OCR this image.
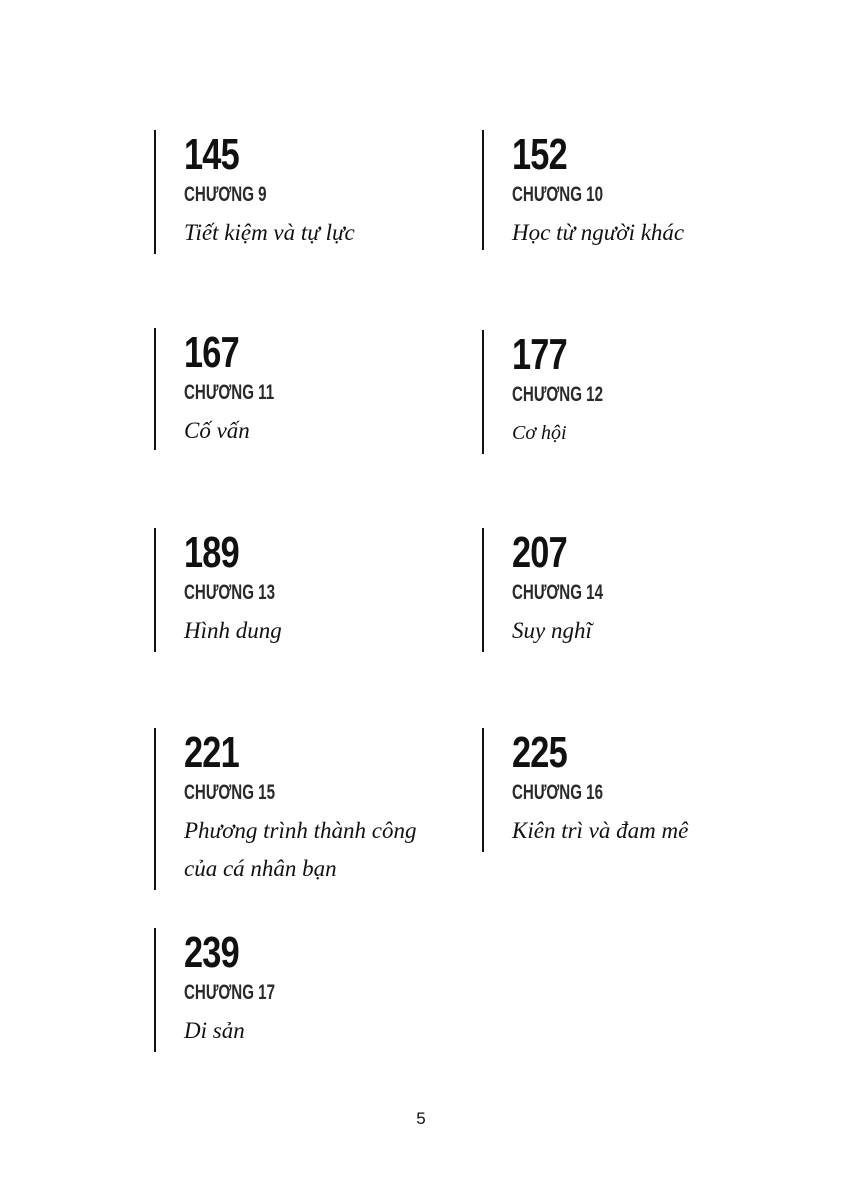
145
CHƯƠNG 9
Tiết kiệm và tự lực
152
CHƯƠNG 10
Học từ người khác
167
CHƯƠNG 11
Cố vấn
177
CHƯƠNG 12
Cơ hội
189
CHƯƠNG 13
Hình dung
207
CHƯƠNG 14
Suy nghĩ
221
CHƯƠNG 15
Phương trình thành công của cá nhân bạn
225
CHƯƠNG 16
Kiên trì và đam mê
239
CHƯƠNG 17
Di sản
5
